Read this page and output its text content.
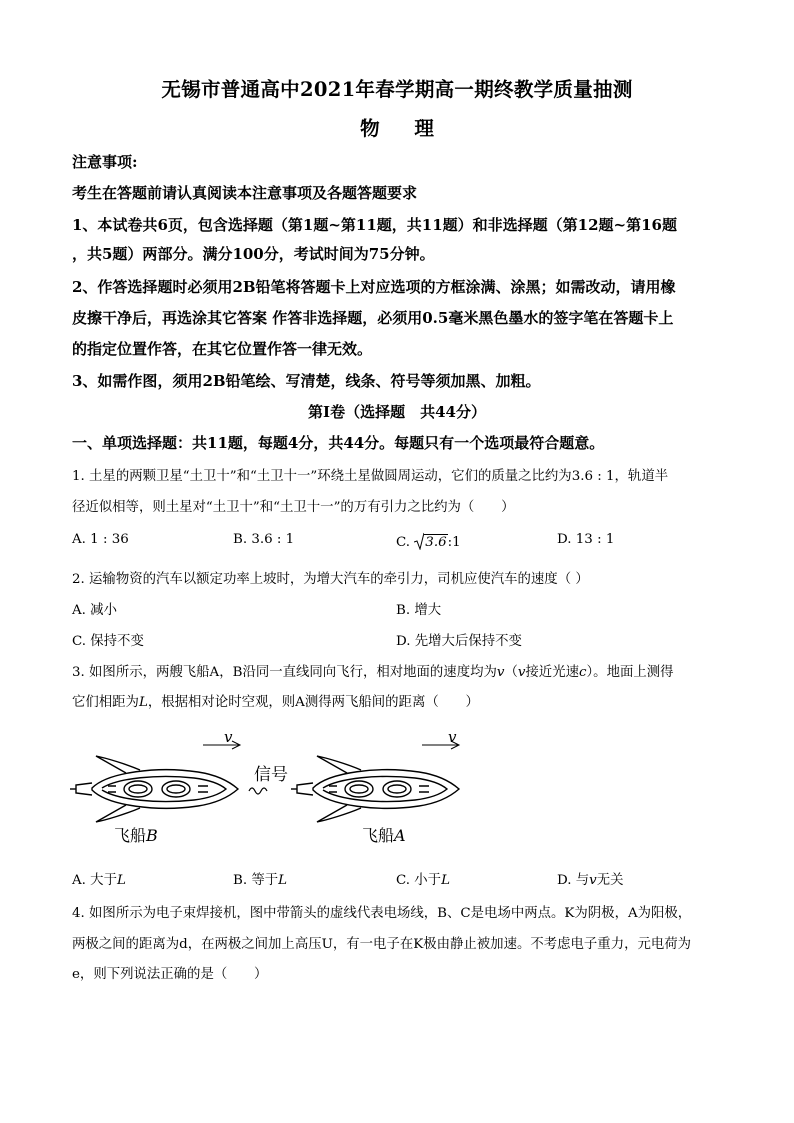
无锡市普通高中2021年春学期高一期终教学质量抽测
物 理
注意事项:
考生在答题前请认真阅读本注意事项及各题答题要求
1、本试卷共6页，包含选择题（第1题~第11题，共11题）和非选择题（第12题~第16题
，共5题）两部分。满分100分，考试时间为75分钟。
2、作答选择题时必须用2B铅笔将答题卡上对应选项的方框涂满、涂黑；如需改动，请用橡
皮擦干净后，再选涂其它答案 作答非选择题，必须用0.5毫米黑色墨水的签字笔在答题卡上
的指定位置作答，在其它位置作答一律无效。
3、如需作图，须用2B铅笔绘、写清楚，线条、符号等须加黑、加粗。
第Ⅰ卷（选择题　共44分）
一、单项选择题：共11题，每题4分，共44分。每题只有一个选项最符合题意。
1. 土星的两颗卫星“土卫十”和“土卫十一”环绕土星做圆周运动，它们的质量之比约为3.6 : 1，轨道半
径近似相等，则土星对“土卫十”和“土卫十一”的万有引力之比约为（　　）
A. 1 : 36	B. 3.6 : 1	C. 3.6:1	D. 13 : 1
2. 运输物资的汽车以额定功率上坡时，为增大汽车的牵引力，司机应使汽车的速度（ ）
A. 减小	B. 增大
C. 保持不变	D. 先增大后保持不变
3. 如图所示，两艘飞船A，B沿同一直线同向飞行，相对地面的速度均为v（v接近光速c）。地面上测得
它们相距为L，根据相对论时空观，则A测得两飞船间的距离（　　）
v	v
信号
飞船B	飞船A
A. 大于L	B. 等于L	C. 小于L	D. 与v无关
4. 如图所示为电子束焊接机，图中带箭头的虚线代表电场线，B、C是电场中两点。K为阴极，A为阳极，
两极之间的距离为d，在两极之间加上高压U，有一电子在K极由静止被加速。不考虑电子重力，元电荷为
e，则下列说法正确的是（　　）
